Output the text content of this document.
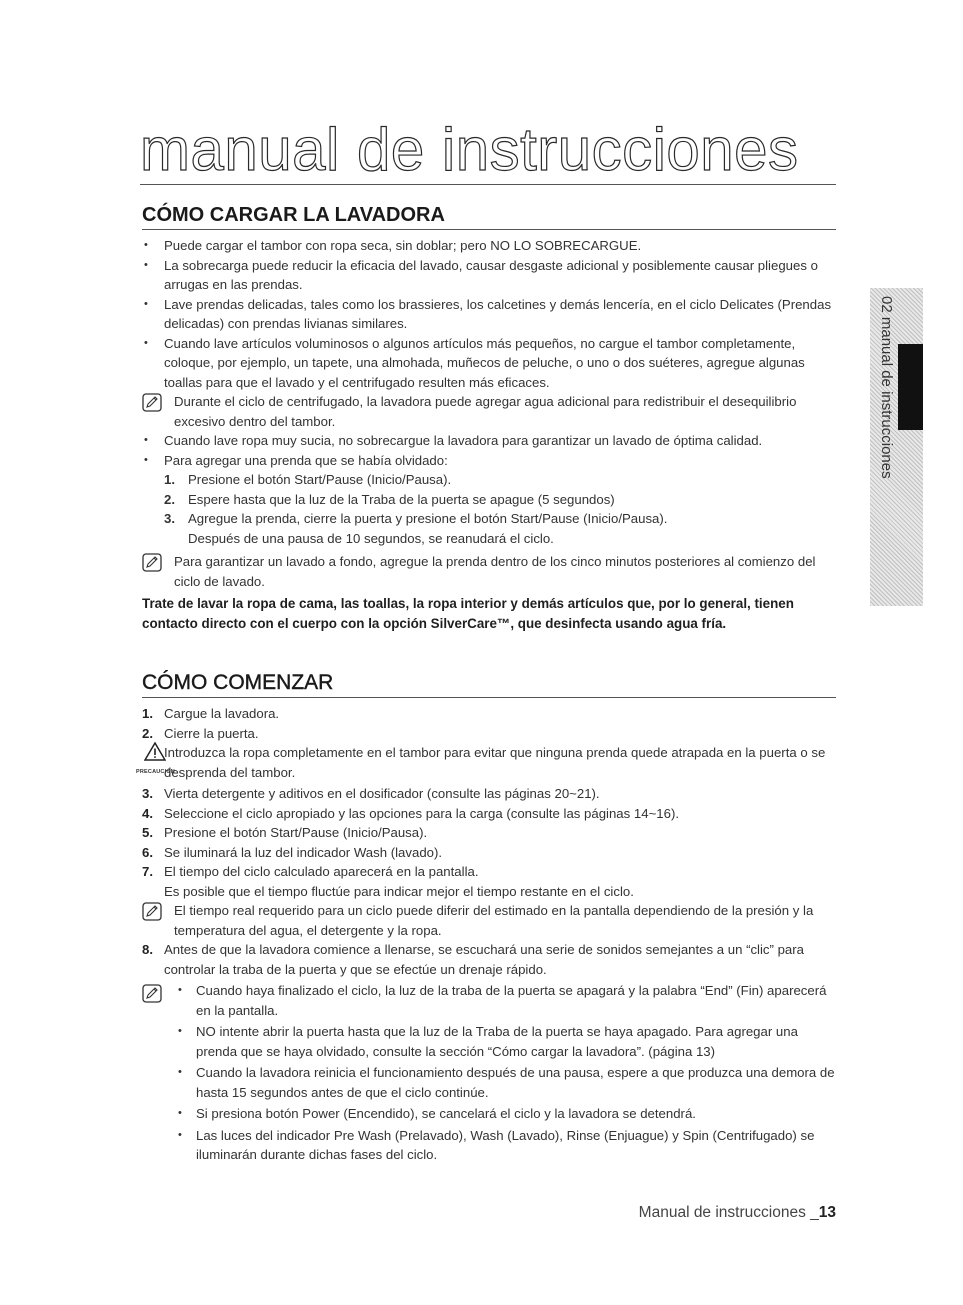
manual de instrucciones
02 manual de instrucciones
CÓMO CARGAR LA LAVADORA
•	Puede cargar el tambor con ropa seca, sin doblar; pero NO LO SOBRECARGUE.
•	La sobrecarga puede reducir la eficacia del lavado, causar desgaste adicional y posiblemente causar pliegues o arrugas en las prendas.
•	Lave prendas delicadas, tales como los brassieres, los calcetines y demás lencería, en el ciclo Delicates (Prendas delicadas) con prendas livianas similares.
•	Cuando lave artículos voluminosos o algunos artículos más pequeños, no cargue el tambor completamente, coloque, por ejemplo, un tapete, una almohada, muñecos de peluche, o uno o dos suéteres, agregue algunas toallas para que el lavado y el centrifugado resulten más eficaces.
Durante el ciclo de centrifugado, la lavadora puede agregar agua adicional para redistribuir el desequilibrio excesivo dentro del tambor.
•	Cuando lave ropa muy sucia, no sobrecargue la lavadora para garantizar un lavado de óptima calidad.
•	Para agregar una prenda que se había olvidado:
1. Presione el botón Start/Pause (Inicio/Pausa).
2. Espere hasta que la luz de la Traba de la puerta se apague (5 segundos)
3. Agregue la prenda, cierre la puerta y presione el botón Start/Pause (Inicio/Pausa).
Después de una pausa de 10 segundos, se reanudará el ciclo.
Para garantizar un lavado a fondo, agregue la prenda dentro de los cinco minutos posteriores al comienzo del ciclo de lavado.
Trate de lavar la ropa de cama, las toallas, la ropa interior y demás artículos que, por lo general, tienen contacto directo con el cuerpo con la opción SilverCare™, que desinfecta usando agua fría.
CÓMO COMENZAR
1. Cargue la lavadora.
2. Cierre la puerta.
PRECAUCIÓN
Introduzca la ropa completamente en el tambor para evitar que ninguna prenda quede atrapada en la puerta o se desprenda del tambor.
3. Vierta detergente y aditivos en el dosificador (consulte las páginas 20~21).
4. Seleccione el ciclo apropiado y las opciones para la carga (consulte las páginas 14~16).
5. Presione el botón Start/Pause (Inicio/Pausa).
6. Se iluminará la luz del indicador Wash (lavado).
7. El tiempo del ciclo calculado aparecerá en la pantalla.
Es posible que el tiempo fluctúe para indicar mejor el tiempo restante en el ciclo.
El tiempo real requerido para un ciclo puede diferir del estimado en la pantalla dependiendo de la presión y la temperatura del agua, el detergente y la ropa.
8. Antes de que la lavadora comience a llenarse, se escuchará una serie de sonidos semejantes a un “clic” para controlar la traba de la puerta y que se efectúe un drenaje rápido.
•	Cuando haya finalizado el ciclo, la luz de la traba de la puerta se apagará y la palabra “End” (Fin) aparecerá en la pantalla.
•	NO intente abrir la puerta hasta que la luz de la Traba de la puerta se haya apagado. Para agregar una prenda que se haya olvidado, consulte la sección “Cómo cargar la lavadora”. (página 13)
•	Cuando la lavadora reinicia el funcionamiento después de una pausa, espere a que produzca una demora de hasta 15 segundos antes de que el ciclo continúe.
•	Si presiona botón Power (Encendido), se cancelará el ciclo y la lavadora se detendrá.
•	Las luces del indicador Pre Wash (Prelavado), Wash (Lavado), Rinse (Enjuague) y Spin (Centrifugado) se iluminarán durante dichas fases del ciclo.
Manual de instrucciones _13
